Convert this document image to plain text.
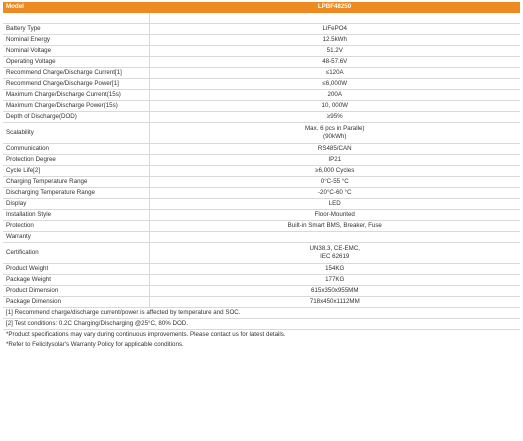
Model	LPBF48250

Battery Type	LiFePO4
Nominal Energy	12.5kWh
Nominal Voltage	51.2V
Operating Voltage	48-57.6V
Recommend Charge/Discharge Current[1]	≤120A
Recommend Charge/Discharge Power[1]	≤6,000W
Maximum Charge/Discharge Current(15s)	200A
Maximum Charge/Discharge Power(15s)	10, 000W
Depth of Discharge(DOD)	≥95%
Scalability	Max. 6 pcs in Paralle)
(90kWh)

Communication	RS485/CAN
Protection Degree	IP21
Cycle Life[2]	≥6,000 Cycles
Charging Temperature Range	0°C-55 °C
Discharging Temperature Range	-20°C-60 °C
Display	LED
Installation Style	Floor-Mounted
Protection	Built-in Smart BMS, Breaker, Fuse
Warranty	
Certification	UN38.3, CE-EMC,
IEC 62619

Product Weight	154KG
Package Weight	177KG
Product Dimension	615x350x955MM
Package Dimension	718x450x1112MM
[1] Recommend charge/discharge current/power is affected by temperature and SOC.
[2] Test conditions: 0.2C Charging/Discharging @25°C, 80% DOD.
*Product specifications may vary during continuous improvements. Please contact us for latest details.
*Refer to Felicitysolar's Warranty Policy for applicable conditions.
